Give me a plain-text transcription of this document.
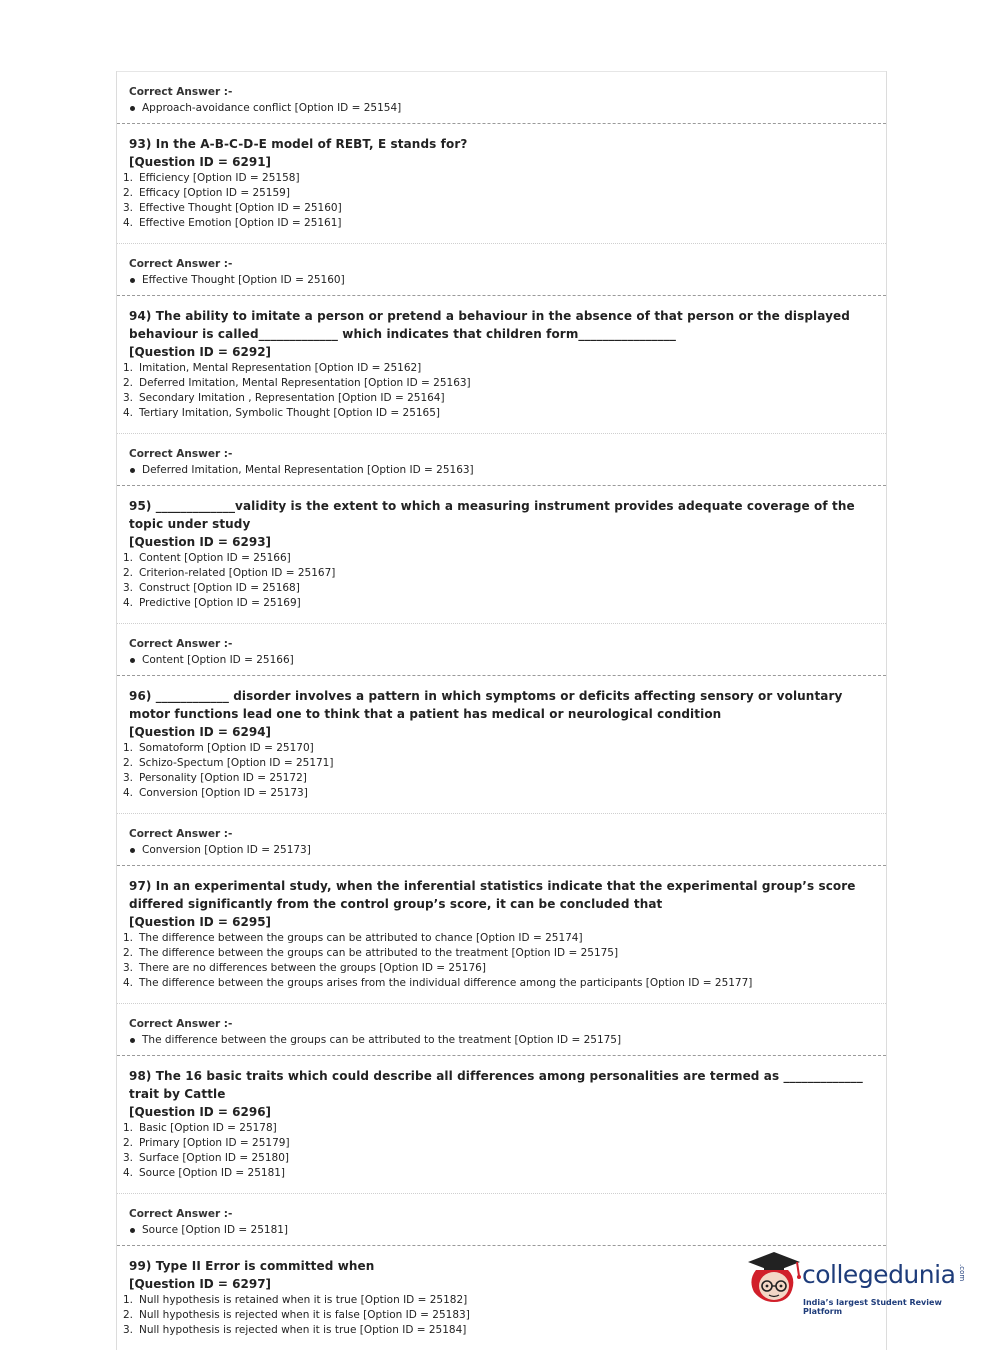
Correct Answer :-
Approach-avoidance conflict [Option ID = 25154]
93) In the A-B-C-D-E model of REBT, E stands for?
[Question ID = 6291]
1. Efficiency [Option ID = 25158]
2. Efficacy [Option ID = 25159]
3. Effective Thought [Option ID = 25160]
4. Effective Emotion [Option ID = 25161]
Correct Answer :-
Effective Thought [Option ID = 25160]
94) The ability to imitate a person or pretend a behaviour in the absence of that person or the displayed behaviour is called_____________ which indicates that children form________________
[Question ID = 6292]
1. Imitation, Mental Representation [Option ID = 25162]
2. Deferred Imitation, Mental Representation [Option ID = 25163]
3. Secondary Imitation , Representation [Option ID = 25164]
4. Tertiary Imitation, Symbolic Thought [Option ID = 25165]
Correct Answer :-
Deferred Imitation, Mental Representation [Option ID = 25163]
95) _____________validity is the extent to which a measuring instrument provides adequate coverage of the topic under study
[Question ID = 6293]
1. Content [Option ID = 25166]
2. Criterion-related [Option ID = 25167]
3. Construct [Option ID = 25168]
4. Predictive [Option ID = 25169]
Correct Answer :-
Content [Option ID = 25166]
96) ____________ disorder involves a pattern in which symptoms or deficits affecting sensory or voluntary motor functions lead one to think that a patient has medical or neurological condition
[Question ID = 6294]
1. Somatoform [Option ID = 25170]
2. Schizo-Spectum [Option ID = 25171]
3. Personality [Option ID = 25172]
4. Conversion [Option ID = 25173]
Correct Answer :-
Conversion [Option ID = 25173]
97) In an experimental study, when the inferential statistics indicate that the experimental group’s score differed significantly from the control group’s score, it can be concluded that
[Question ID = 6295]
1. The difference between the groups can be attributed to chance [Option ID = 25174]
2. The difference between the groups can be attributed to the treatment [Option ID = 25175]
3. There are no differences between the groups [Option ID = 25176]
4. The difference between the groups arises from the individual difference among the participants [Option ID = 25177]
Correct Answer :-
The difference between the groups can be attributed to the treatment [Option ID = 25175]
98) The 16 basic traits which could describe all differences among personalities are termed as _____________ trait by Cattle
[Question ID = 6296]
1. Basic [Option ID = 25178]
2. Primary [Option ID = 25179]
3. Surface [Option ID = 25180]
4. Source [Option ID = 25181]
Correct Answer :-
Source [Option ID = 25181]
99) Type II Error is committed when
[Question ID = 6297]
1. Null hypothesis is retained when it is true [Option ID = 25182]
2. Null hypothesis is rejected when it is false [Option ID = 25183]
3. Null hypothesis is rejected when it is true [Option ID = 25184]
collegedunia .com
India’s largest Student Review Platform
